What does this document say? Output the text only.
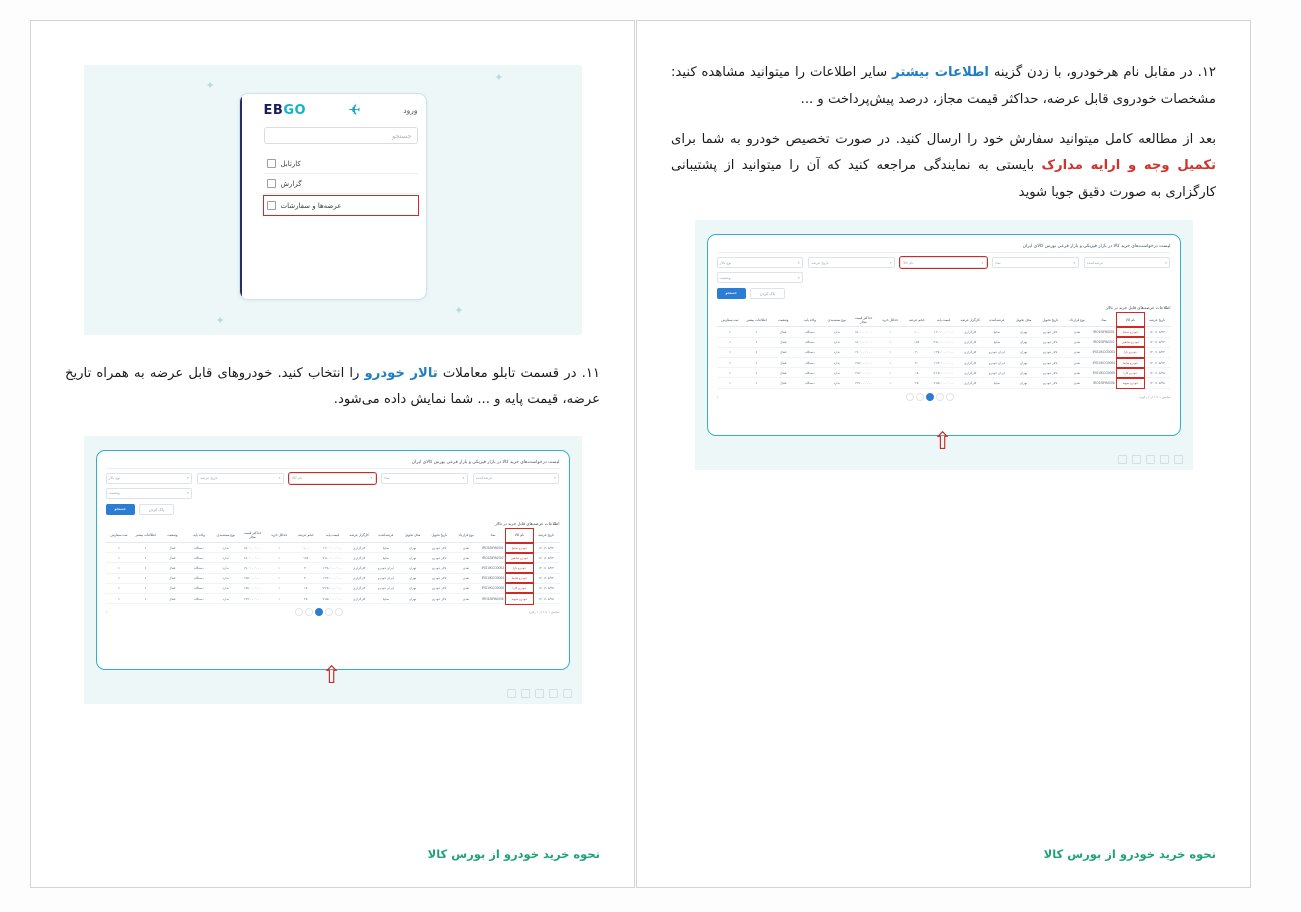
۱۲. در مقابل نام هرخودرو، با زدن گزینه اطلاعات بیشتر سایر اطلاعات را میتوانید مشاهده کنید: مشخصات خودروی قابل عرضه، حداکثر قیمت مجاز، درصد پیش‌پرداخت و ...

بعد از مطالعه کامل میتوانید سفارش خود را ارسال کنید. در صورت تخصیص خودرو به شما برای تکمیل وجه و ارایه مدارک بایستی به نمایندگی مراجعه کنید که آن را میتوانید از پشتیبانی کارگزاری به صورت دقیق جویا شوید

لیست درخواست‌های خرید کالا در بازار فیزیکی و بازار فرعی بورس کالای ایران
نوع تالار	▼	تاریخ عرضه	▼	نام کالا	▼	نماد	▼	عرضه‌کننده	▼
وضعیت	▼
جستجو	پاک کردن
اطلاعات عرضه‌های قابل خرید در تالار
تاریخ عرضه	نام کالا	نماد	نوع قرارداد	تاریخ تحویل	محل تحویل	عرضه‌کننده	کارگزار عرضه	قیمت پایه	حجم عرضه	حداقل خرید	حداکثر قیمت مجاز	نوع بسته‌بندی	واحد پایه	وضعیت	اطلاعات بیشتر	ثبت سفارش
۱۴۰۱/۰۵/۲۳	خودرو سایپا	IRO1SIPA0001	نقدی	تالار خودرو	تهران	سایپا	کارگزاری	۱٬۲۰۰٬۰۰۰٬۰۰۰	۱۰۰	۱	۱۵۰٬۰۰۰٬۰۰۰	ندارد	دستگاه	فعال	•	•
۱۴۰۱/۰۵/۲۳	خودرو شاهین	IRO1SIPA0002	نقدی	تالار خودرو	تهران	سایپا	کارگزاری	۹٬۵۰۰٬۰۰۰٬۰۰۰	۱۷۵	۱	۱۸۰٬۰۰۰٬۰۰۰	ندارد	دستگاه	فعال	•	•
۱۴۰۱/۰۵/۲۴	خودرو تارا	IRO1IKCO0003	نقدی	تالار خودرو	تهران	ایران خودرو	کارگزاری	۱٬۳۸۰٬۰۰۰٬۰۰۰	۳۰	۱	۱۹۰٬۰۰۰٬۰۰۰	ندارد	دستگاه	فعال	•	•
۱۴۰۱/۰۵/۲۴	خودرو هایما	IRO1IKCO0004	نقدی	تالار خودرو	تهران	ایران خودرو	کارگزاری	۱٬۷۳۰٬۰۰۰٬۰۰۰	۴۰	۱	۱۹۵٬۰۰۰٬۰۰۰	ندارد	دستگاه	فعال	•	•
۱۴۰۱/۰۵/۲۵	خودرو کارا	IRO1IKCO0005	نقدی	تالار خودرو	تهران	ایران خودرو	کارگزاری	۷٬۲۵۰٬۰۰۰٬۰۰۰	۱۵	۱	۱۹۸٬۰۰۰٬۰۰۰	ندارد	دستگاه	فعال	•	•
۱۴۰۱/۰۵/۲۵	خودرو سهند	IRO1SIPA0006	نقدی	تالار خودرو	تهران	سایپا	کارگزاری	۷٬۵۵۰٬۰۰۰٬۰۰۰	۲۵	۱	۱۹۹٬۰۰۰٬۰۰۰	ندارد	دستگاه	فعال	•	•
۱۰	نمایش ۱ تا ۶ از ۶ رکورد
⇧
نحوه خرید خودرو از بورس کالا
✦
✦
✦
✦
EBGO	✈	ورود
جستجو
کارتابل
گزارش
عرضه‌ها و سفارشات

۱۱. در قسمت تابلو معاملات تالار خودرو را انتخاب کنید. خودروهای قابل عرضه به همراه تاریخ عرضه، قیمت پایه و ... شما نمایش داده می‌شود.

لیست درخواست‌های خرید کالا در بازار فیزیکی و بازار فرعی بورس کالای ایران
نوع تالار	▼	تاریخ عرضه	▼	نام کالا	▼	نماد	▼	عرضه‌کننده	▼
وضعیت	▼
جستجو	پاک کردن
اطلاعات عرضه‌های قابل خرید در تالار
تاریخ عرضه	نام کالا	نماد	نوع قرارداد	تاریخ تحویل	محل تحویل	عرضه‌کننده	کارگزار عرضه	قیمت پایه	حجم عرضه	حداقل خرید	حداکثر قیمت مجاز	نوع بسته‌بندی	واحد پایه	وضعیت	اطلاعات بیشتر	ثبت سفارش
۱۴۰۱/۰۵/۲۳	خودرو سایپا	IRO1SIPA0001	نقدی	تالار خودرو	تهران	سایپا	کارگزاری	۱٬۲۰۰٬۰۰۰٬۰۰۰	۱۰۰	۱	۱۵۰٬۰۰۰٬۰۰۰	ندارد	دستگاه	فعال	•	•
۱۴۰۱/۰۵/۲۳	خودرو شاهین	IRO1SIPA0002	نقدی	تالار خودرو	تهران	سایپا	کارگزاری	۹٬۵۰۰٬۰۰۰٬۰۰۰	۱۷۵	۱	۱۸۰٬۰۰۰٬۰۰۰	ندارد	دستگاه	فعال	•	•
۱۴۰۱/۰۵/۲۴	خودرو تارا	IRO1IKCO0003	نقدی	تالار خودرو	تهران	ایران خودرو	کارگزاری	۱٬۳۸۰٬۰۰۰٬۰۰۰	۳۰	۱	۱۹۰٬۰۰۰٬۰۰۰	ندارد	دستگاه	فعال	•	•
۱۴۰۱/۰۵/۲۴	خودرو هایما	IRO1IKCO0004	نقدی	تالار خودرو	تهران	ایران خودرو	کارگزاری	۱٬۷۳۰٬۰۰۰٬۰۰۰	۴۰	۱	۱۹۵٬۰۰۰٬۰۰۰	ندارد	دستگاه	فعال	•	•
۱۴۰۱/۰۵/۲۵	خودرو کارا	IRO1IKCO0005	نقدی	تالار خودرو	تهران	ایران خودرو	کارگزاری	۷٬۲۵۰٬۰۰۰٬۰۰۰	۱۵	۱	۱۹۸٬۰۰۰٬۰۰۰	ندارد	دستگاه	فعال	•	•
۱۴۰۱/۰۵/۲۵	خودرو سهند	IRO1SIPA0006	نقدی	تالار خودرو	تهران	سایپا	کارگزاری	۷٬۵۵۰٬۰۰۰٬۰۰۰	۲۵	۱	۱۹۹٬۰۰۰٬۰۰۰	ندارد	دستگاه	فعال	•	•
۱۰	نمایش ۱ تا ۶ از ۶ رکورد
⇧
نحوه خرید خودرو از بورس کالا
